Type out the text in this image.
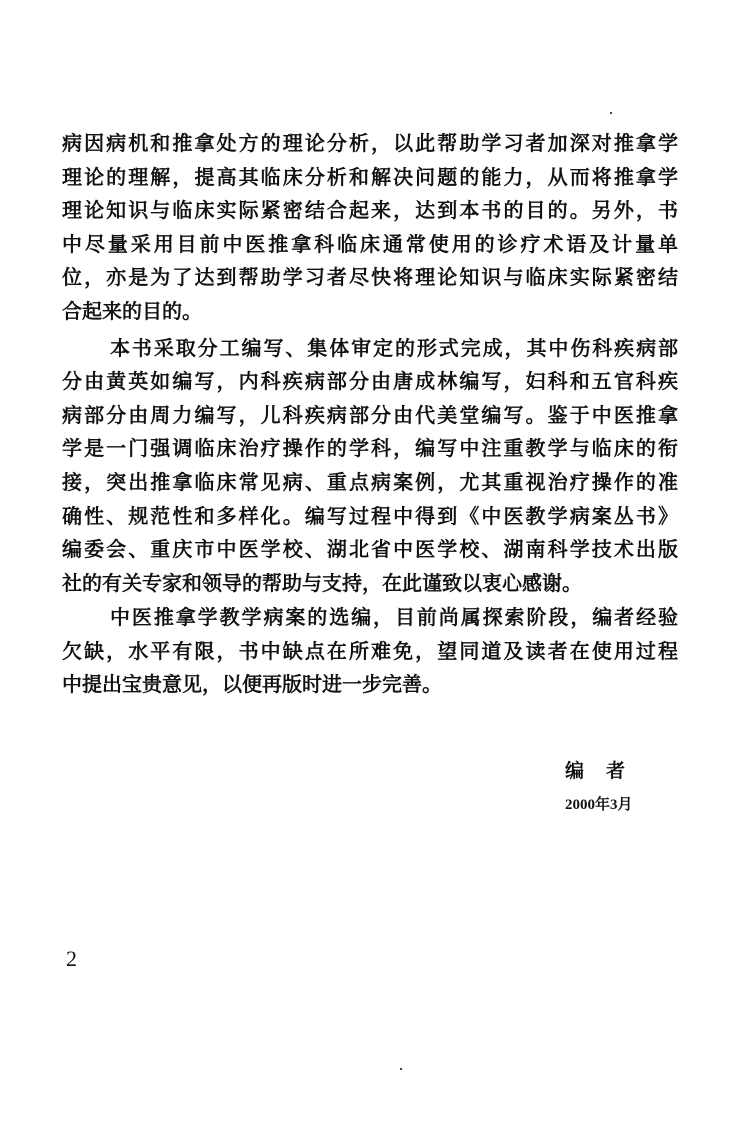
病因病机和推拿处方的理论分析，以此帮助学习者加深对推拿学
理论的理解，提高其临床分析和解决问题的能力，从而将推拿学
理论知识与临床实际紧密结合起来，达到本书的目的。另外，书
中尽量采用目前中医推拿科临床通常使用的诊疗术语及计量单
位，亦是为了达到帮助学习者尽快将理论知识与临床实际紧密结
合起来的目的。
本书采取分工编写、集体审定的形式完成，其中伤科疾病部
分由黄英如编写，内科疾病部分由唐成林编写，妇科和五官科疾
病部分由周力编写，儿科疾病部分由代美堂编写。鉴于中医推拿
学是一门强调临床治疗操作的学科，编写中注重教学与临床的衔
接，突出推拿临床常见病、重点病案例，尤其重视治疗操作的准
确性、规范性和多样化。编写过程中得到《中医教学病案丛书》
编委会、重庆市中医学校、湖北省中医学校、湖南科学技术出版
社的有关专家和领导的帮助与支持，在此谨致以衷心感谢。
中医推拿学教学病案的选编，目前尚属探索阶段，编者经验
欠缺，水平有限，书中缺点在所难免，望同道及读者在使用过程
中提出宝贵意见，以便再版时进一步完善。
编者
2000年3月
2
